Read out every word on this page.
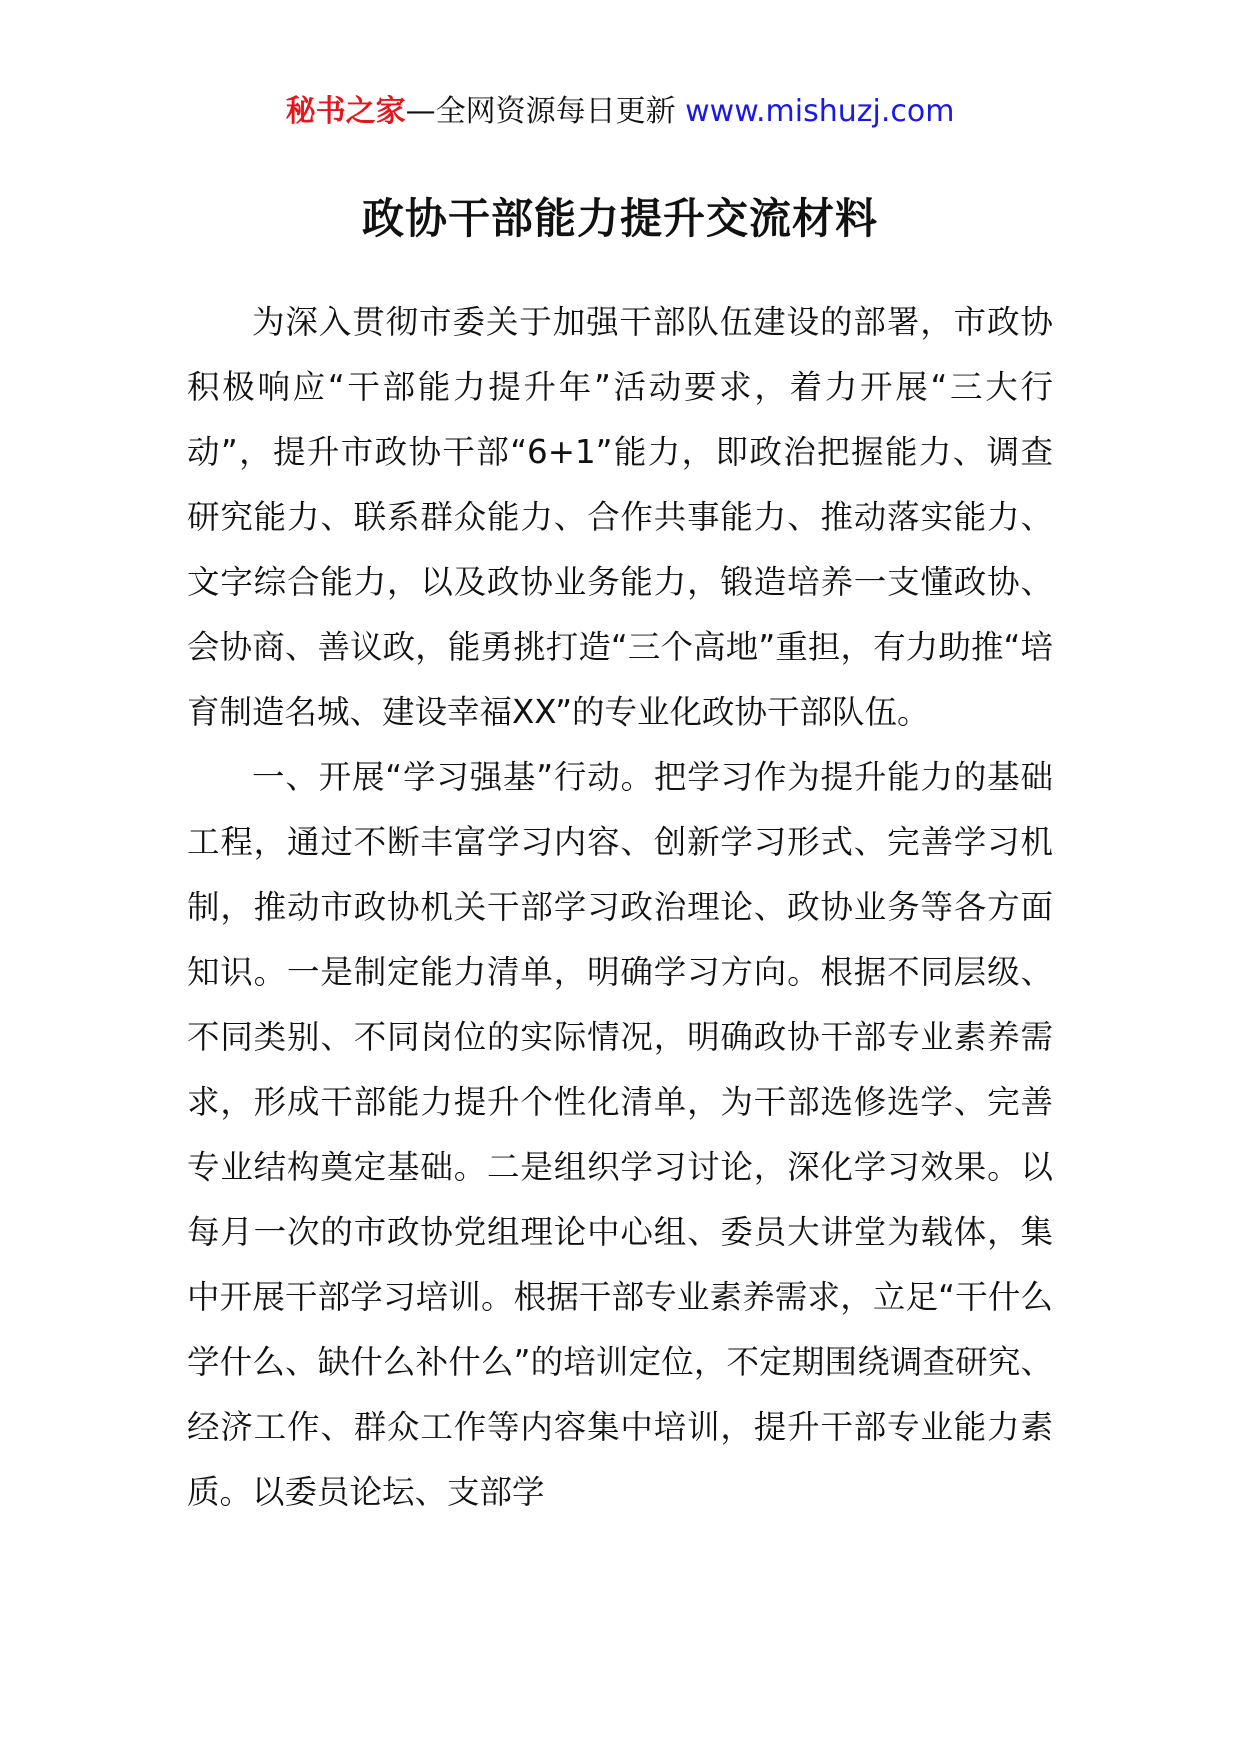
秘书之家—全网资源每日更新 www.mishuzj.com
政协干部能力提升交流材料

为深入贯彻市委关于加强干部队伍建设的部署，市政协积极响应“干部能力提升年”活动要求，着力开展“三大行动”，提升市政协干部“6+1”能力，即政治把握能力、调查研究能力、联系群众能力、合作共事能力、推动落实能力、文字综合能力，以及政协业务能力，锻造培养一支懂政协、会协商、善议政，能勇挑打造“三个高地”重担，有力助推“培育制造名城、建设幸福XX”的专业化政协干部队伍。

一、开展“学习强基”行动。把学习作为提升能力的基础工程，通过不断丰富学习内容、创新学习形式、完善学习机制，推动市政协机关干部学习政治理论、政协业务等各方面知识。一是制定能力清单，明确学习方向。根据不同层级、不同类别、不同岗位的实际情况，明确政协干部专业素养需求，形成干部能力提升个性化清单，为干部选修选学、完善专业结构奠定基础。二是组织学习讨论，深化学习效果。以每月一次的市政协党组理论中心组、委员大讲堂为载体，集中开展干部学习培训。根据干部专业素养需求，立足“干什么学什么、缺什么补什么”的培训定位，不定期围绕调查研究、经济工作、群众工作等内容集中培训，提升干部专业能力素质。以委员论坛、支部学
